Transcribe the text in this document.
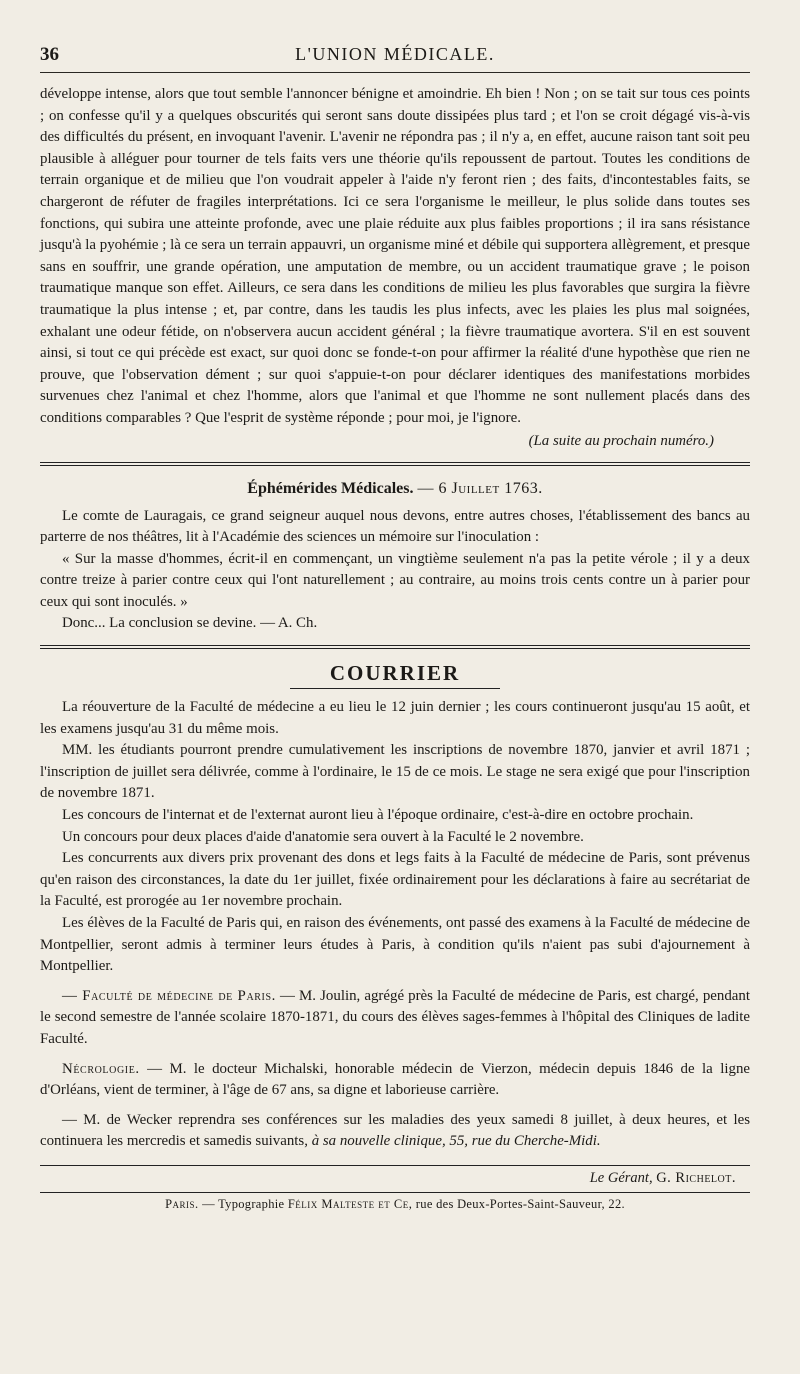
36	L'UNION MÉDICALE.

développe intense, alors que tout semble l'annoncer bénigne et amoindrie. Eh bien ! Non ; on se tait sur tous ces points ; on confesse qu'il y a quelques obscurités qui seront sans doute dissipées plus tard ; et l'on se croit dégagé vis-à-vis des difficultés du présent, en invoquant l'avenir. L'avenir ne répondra pas ; il n'y a, en effet, aucune raison tant soit peu plausible à alléguer pour tourner de tels faits vers une théorie qu'ils repoussent de partout. Toutes les conditions de terrain organique et de milieu que l'on voudrait appeler à l'aide n'y feront rien ; des faits, d'incontestables faits, se chargeront de réfuter de fragiles interprétations. Ici ce sera l'organisme le meilleur, le plus solide dans toutes ses fonctions, qui subira une atteinte profonde, avec une plaie réduite aux plus faibles proportions ; il ira sans résistance jusqu'à la pyohémie ; là ce sera un terrain appauvri, un organisme miné et débile qui supportera allègrement, et presque sans en souffrir, une grande opération, une amputation de membre, ou un accident traumatique grave ; le poison traumatique manque son effet. Ailleurs, ce sera dans les conditions de milieu les plus favorables que surgira la fièvre traumatique la plus intense ; et, par contre, dans les taudis les plus infects, avec les plaies les plus mal soignées, exhalant une odeur fétide, on n'observera aucun accident général ; la fièvre traumatique avortera. S'il en est souvent ainsi, si tout ce qui précède est exact, sur quoi donc se fonde-t-on pour affirmer la réalité d'une hypothèse que rien ne prouve, que l'observation dément ; sur quoi s'appuie-t-on pour déclarer identiques des manifestations morbides survenues chez l'animal et chez l'homme, alors que l'animal et que l'homme ne sont nullement placés dans des conditions comparables ? Que l'esprit de système réponde ; pour moi, je l'ignore.

(La suite au prochain numéro.)

Éphémérides Médicales. — 6 Juillet 1763.

Le comte de Lauragais, ce grand seigneur auquel nous devons, entre autres choses, l'établissement des bancs au parterre de nos théâtres, lit à l'Académie des sciences un mémoire sur l'inoculation :

« Sur la masse d'hommes, écrit-il en commençant, un vingtième seulement n'a pas la petite vérole ; il y a deux contre treize à parier contre ceux qui l'ont naturellement ; au contraire, au moins trois cents contre un à parier pour ceux qui sont inoculés. »

Donc... La conclusion se devine. — A. Ch.

COURRIER

La réouverture de la Faculté de médecine a eu lieu le 12 juin dernier ; les cours continueront jusqu'au 15 août, et les examens jusqu'au 31 du même mois.

MM. les étudiants pourront prendre cumulativement les inscriptions de novembre 1870, janvier et avril 1871 ; l'inscription de juillet sera délivrée, comme à l'ordinaire, le 15 de ce mois. Le stage ne sera exigé que pour l'inscription de novembre 1871.

Les concours de l'internat et de l'externat auront lieu à l'époque ordinaire, c'est-à-dire en octobre prochain.

Un concours pour deux places d'aide d'anatomie sera ouvert à la Faculté le 2 novembre.

Les concurrents aux divers prix provenant des dons et legs faits à la Faculté de médecine de Paris, sont prévenus qu'en raison des circonstances, la date du 1er juillet, fixée ordinairement pour les déclarations à faire au secrétariat de la Faculté, est prorogée au 1er novembre prochain.

Les élèves de la Faculté de Paris qui, en raison des événements, ont passé des examens à la Faculté de médecine de Montpellier, seront admis à terminer leurs études à Paris, à condition qu'ils n'aient pas subi d'ajournement à Montpellier.

— Faculté de médecine de Paris. — M. Joulin, agrégé près la Faculté de médecine de Paris, est chargé, pendant le second semestre de l'année scolaire 1870-1871, du cours des élèves sages-femmes à l'hôpital des Cliniques de ladite Faculté.

Nécrologie. — M. le docteur Michalski, honorable médecin de Vierzon, médecin depuis 1846 de la ligne d'Orléans, vient de terminer, à l'âge de 67 ans, sa digne et laborieuse carrière.

— M. de Wecker reprendra ses conférences sur les maladies des yeux samedi 8 juillet, à deux heures, et les continuera les mercredis et samedis suivants, à sa nouvelle clinique, 55, rue du Cherche-Midi.

Le Gérant, G. Richelot.
Paris. — Typographie Félix Malteste et Ce, rue des Deux-Portes-Saint-Sauveur, 22.
